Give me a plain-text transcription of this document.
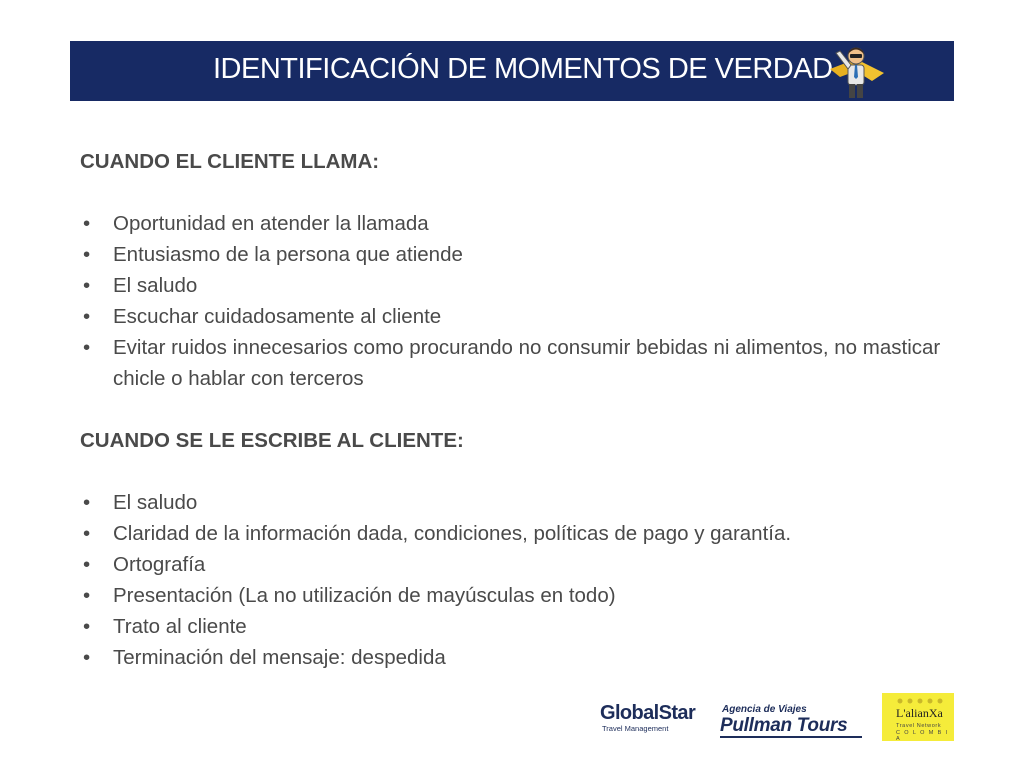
IDENTIFICACIÓN DE MOMENTOS DE VERDAD

CUANDO EL CLIENTE LLAMA:

• Oportunidad en atender la llamada
• Entusiasmo de la persona que atiende
• El saludo
• Escuchar cuidadosamente al cliente
• Evitar ruidos innecesarios como procurando no consumir bebidas ni alimentos, no masticar chicle o hablar con terceros

CUANDO SE LE ESCRIBE AL CLIENTE:

• El saludo
• Claridad de la información dada, condiciones, políticas de pago y garantía.
• Ortografía
• Presentación (La no utilización de mayúsculas en todo)
• Trato al cliente
• Terminación del mensaje: despedida
GlobalStar
Travel Management
Agencia de Viajes
Pullman Tours
L'alianXa
Travel Network
C O L O M B I A
